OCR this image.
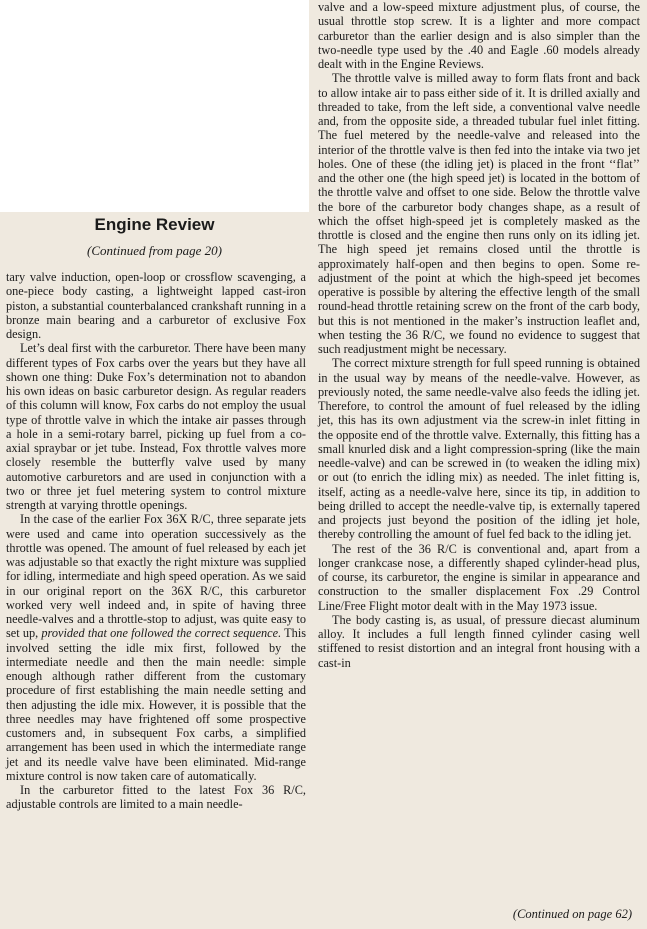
Engine Review
(Continued from page 20)

tary valve induction, open-loop or crossflow scavenging, a one-piece body casting, a lightweight lapped cast-iron piston, a substantial counterbalanced crankshaft running in a bronze main bearing and a carburetor of exclusive Fox design.

Let’s deal first with the carburetor. There have been many different types of Fox carbs over the years but they have all shown one thing: Duke Fox’s determination not to abandon his own ideas on basic carburetor design. As regular readers of this column will know, Fox carbs do not employ the usual type of throttle valve in which the intake air passes through a hole in a semi-rotary barrel, picking up fuel from a co-axial spraybar or jet tube. Instead, Fox throttle valves more closely resemble the butterfly valve used by many automotive carburetors and are used in conjunction with a two or three jet fuel metering system to control mixture strength at varying throttle openings.

In the case of the earlier Fox 36X R/C, three separate jets were used and came into operation successively as the throttle was opened. The amount of fuel released by each jet was adjustable so that exactly the right mixture was supplied for idling, intermediate and high speed operation. As we said in our original report on the 36X R/C, this carburetor worked very well indeed and, in spite of having three needle-valves and a throttle-stop to adjust, was quite easy to set up, provided that one followed the correct sequence. This involved setting the idle mix first, followed by the intermediate needle and then the main needle: simple enough although rather different from the customary procedure of first establishing the main needle setting and then adjusting the idle mix. However, it is possible that the three needles may have frightened off some prospective customers and, in subsequent Fox carbs, a simplified arrangement has been used in which the intermediate range jet and its needle valve have been eliminated. Mid-range mixture control is now taken care of automatically.

In the carburetor fitted to the latest Fox 36 R/C, adjustable controls are limited to a main needle-

valve and a low-speed mixture adjustment plus, of course, the usual throttle stop screw. It is a lighter and more compact carburetor than the earlier design and is also simpler than the two-needle type used by the .40 and Eagle .60 models already dealt with in the Engine Reviews.

The throttle valve is milled away to form flats front and back to allow intake air to pass either side of it. It is drilled axially and threaded to take, from the left side, a conventional valve needle and, from the opposite side, a threaded tubular fuel inlet fitting. The fuel metered by the needle-valve and released into the interior of the throttle valve is then fed into the intake via two jet holes. One of these (the idling jet) is placed in the front ‘‘flat’’ and the other one (the high speed jet) is located in the bottom of the throttle valve and offset to one side. Below the throttle valve the bore of the carburetor body changes shape, as a result of which the offset high-speed jet is completely masked as the throttle is closed and the engine then runs only on its idling jet. The high speed jet remains closed until the throttle is approximately half-open and then begins to open. Some re-adjustment of the point at which the high-speed jet becomes operative is possible by altering the effective length of the small round-head throttle retaining screw on the front of the carb body, but this is not mentioned in the maker’s instruction leaflet and, when testing the 36 R/C, we found no evidence to suggest that such readjustment might be necessary.

The correct mixture strength for full speed running is obtained in the usual way by means of the needle-valve. However, as previously noted, the same needle-valve also feeds the idling jet. Therefore, to control the amount of fuel released by the idling jet, this has its own adjustment via the screw-in inlet fitting in the opposite end of the throttle valve. Externally, this fitting has a small knurled disk and a light compression-spring (like the main needle-valve) and can be screwed in (to weaken the idling mix) or out (to enrich the idling mix) as needed. The inlet fitting is, itself, acting as a needle-valve here, since its tip, in addition to being drilled to accept the needle-valve tip, is externally tapered and projects just beyond the position of the idling jet hole, thereby controlling the amount of fuel fed back to the idling jet.

The rest of the 36 R/C is conventional and, apart from a longer crankcase nose, a differently shaped cylinder-head plus, of course, its carburetor, the engine is similar in appearance and construction to the smaller displacement Fox .29 Control Line/Free Flight motor dealt with in the May 1973 issue.

The body casting is, as usual, of pressure diecast aluminum alloy. It includes a full length finned cylinder casing well stiffened to resist distortion and an integral front housing with a cast-in

(Continued on page 62)
